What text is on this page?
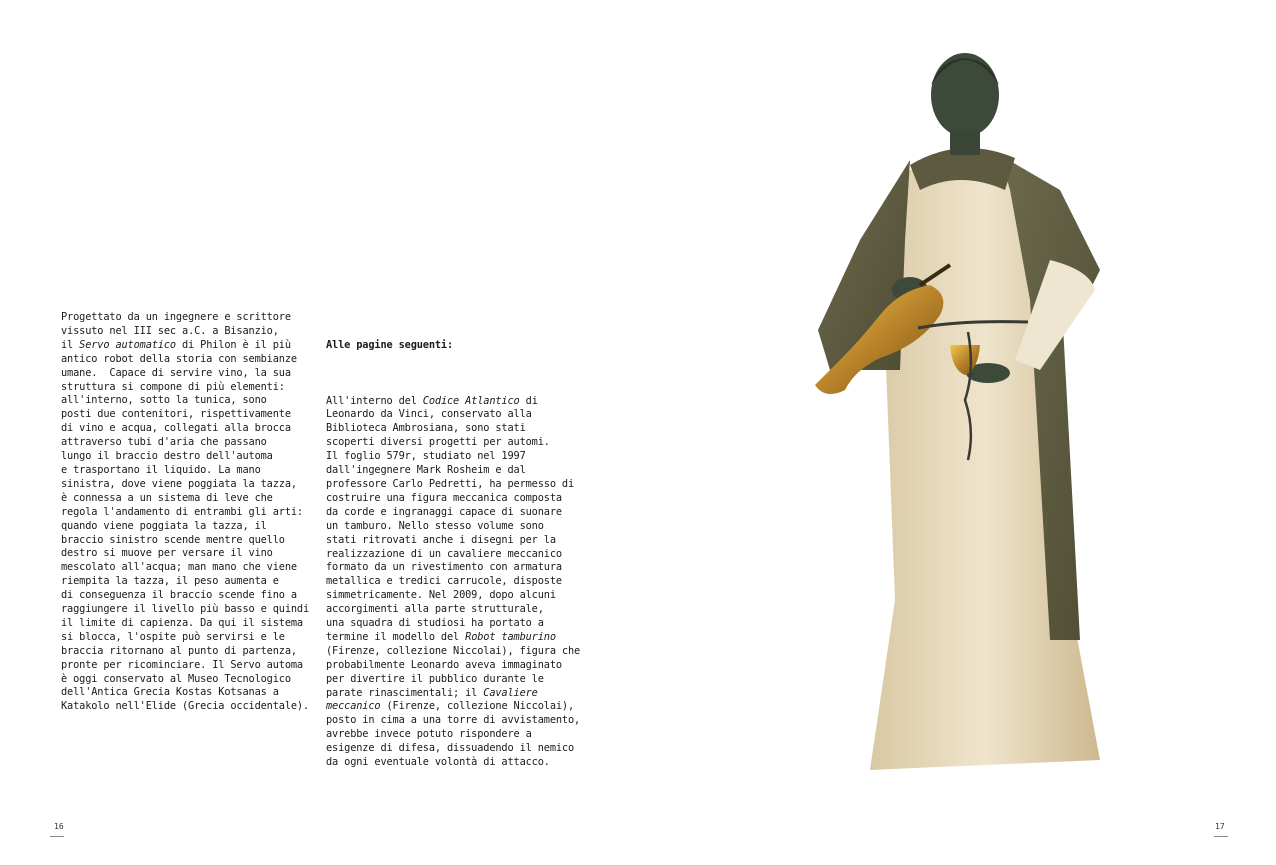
Progettato da un ingegnere e scrittore
vissuto nel III sec a.C. a Bisanzio,
il Servo automatico di Philon è il più
antico robot della storia con sembianze
umane.  Capace di servire vino, la sua
struttura si compone di più elementi:
all'interno, sotto la tunica, sono
posti due contenitori, rispettivamente
di vino e acqua, collegati alla brocca
attraverso tubi d'aria che passano
lungo il braccio destro dell'automa
e trasportano il liquido. La mano
sinistra, dove viene poggiata la tazza,
è connessa a un sistema di leve che
regola l'andamento di entrambi gli arti:
quando viene poggiata la tazza, il
braccio sinistro scende mentre quello
destro si muove per versare il vino
mescolato all'acqua; man mano che viene
riempita la tazza, il peso aumenta e
di conseguenza il braccio scende fino a
raggiungere il livello più basso e quindi
il limite di capienza. Da qui il sistema
si blocca, l'ospite può servirsi e le
braccia ritornano al punto di partenza,
pronte per ricominciare. Il Servo automa
è oggi conservato al Museo Tecnologico
dell'Antica Grecia Kostas Kotsanas a
Katakolo nell'Elide (Grecia occidentale).

Alle pagine seguenti:

All'interno del Codice Atlantico di
Leonardo da Vinci, conservato alla
Biblioteca Ambrosiana, sono stati
scoperti diversi progetti per automi.
Il foglio 579r, studiato nel 1997
dall'ingegnere Mark Rosheim e dal
professore Carlo Pedretti, ha permesso di
costruire una figura meccanica composta
da corde e ingranaggi capace di suonare
un tamburo. Nello stesso volume sono
stati ritrovati anche i disegni per la
realizzazione di un cavaliere meccanico
formato da un rivestimento con armatura
metallica e tredici carrucole, disposte
simmetricamente. Nel 2009, dopo alcuni
accorgimenti alla parte strutturale,
una squadra di studiosi ha portato a
termine il modello del Robot tamburino
(Firenze, collezione Niccolai), figura che
probabilmente Leonardo aveva immaginato
per divertire il pubblico durante le
parate rinascimentali; il Cavaliere
meccanico (Firenze, collezione Niccolai),
posto in cima a una torre di avvistamento,
avrebbe invece potuto rispondere a
esigenze di difesa, dissuadendo il nemico
da ogni eventuale volontà di attacco.

16	17
